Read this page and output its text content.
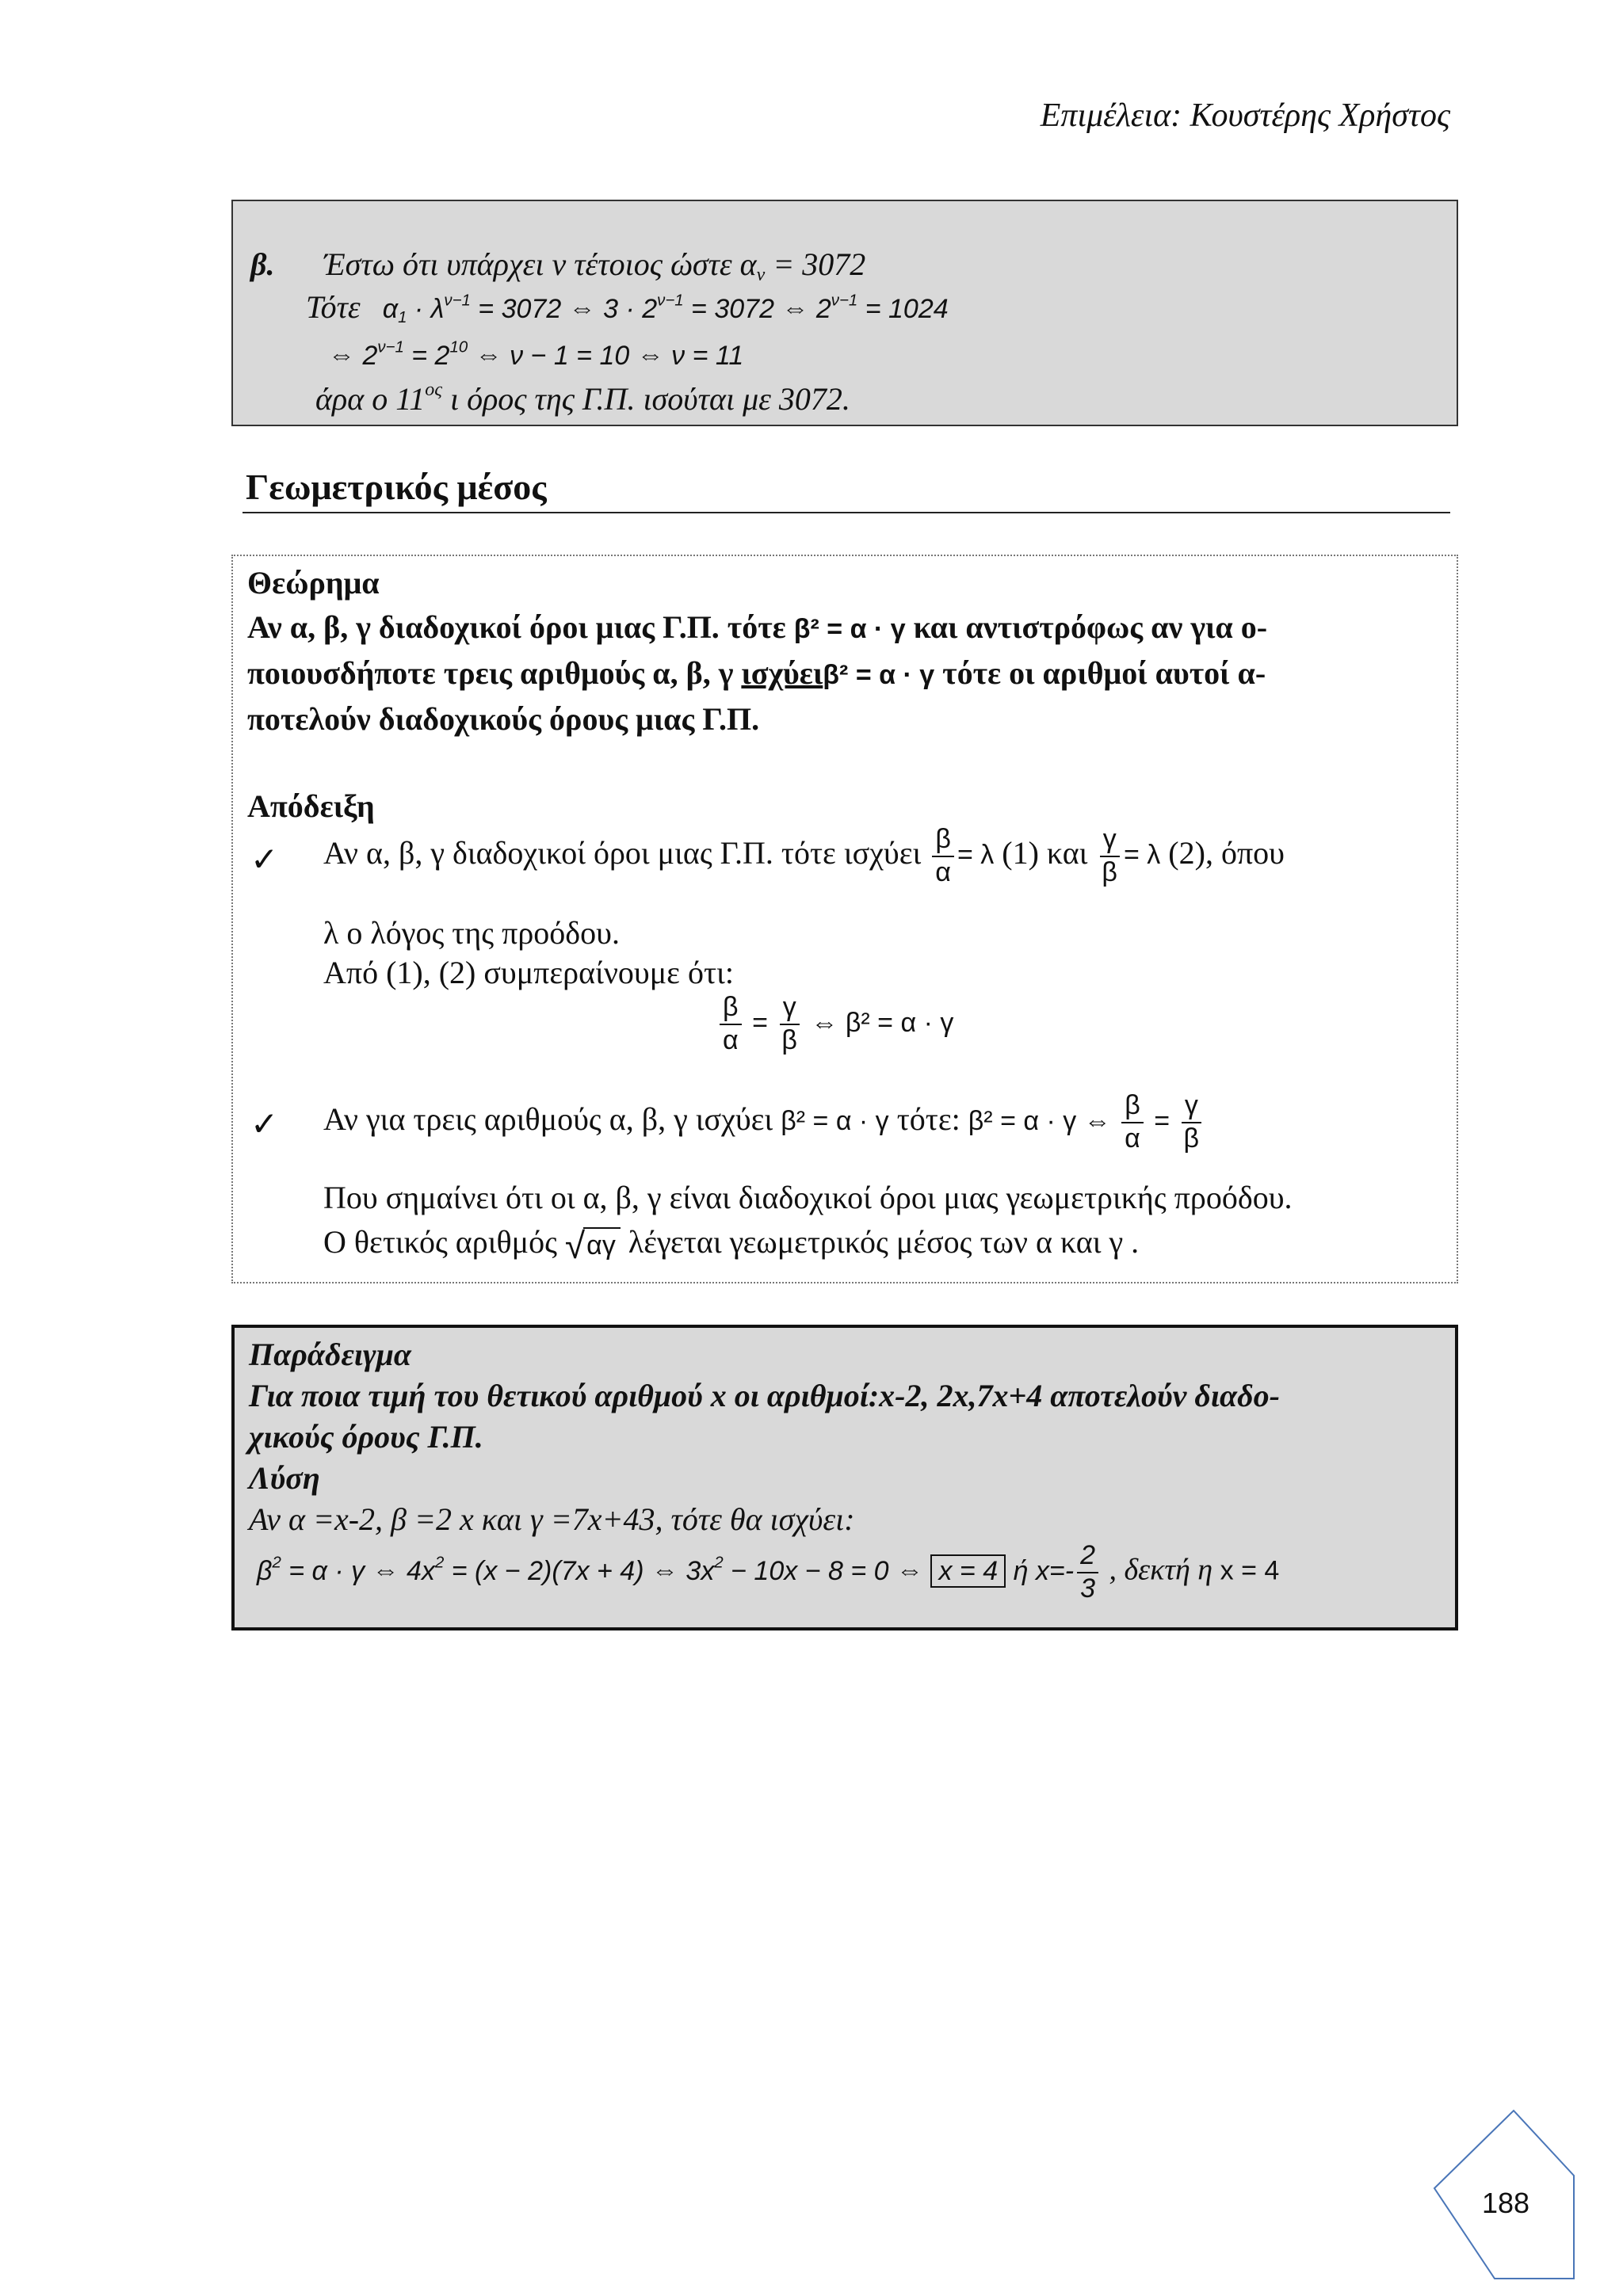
Επιμέλεια: Κουστέρης Χρήστος
β. Έστω ότι υπάρχει ν τέτοιος ώστε $\alpha_\nu = 3072$
Τότε $\alpha_1 \cdot \lambda^{\nu-1} = 3072$ ⇔ $3 \cdot 2^{\nu-1} = 3072$ ⇔ $2^{\nu-1} = 1024$
⇔ $2^{\nu-1} = 2^{10}$ ⇔ ν − 1 = 10 ⇔ ν = 11
άρα ο $11^{o\varsigma}$ ι όρος της Γ.Π. ισούται με 3072.
Γεωμετρικός μέσος
Θεώρημα
Αν α, β, γ διαδοχικοί όροι μιας Γ.Π. τότε β² = α · γ και αντιστρόφως αν για ο-
ποιουσδήποτε τρεις αριθμούς α, β, γ ισχύειβ² = α · γ τότε οι αριθμοί αυτοί α-
ποτελούν διαδοχικούς όρους μιας Γ.Π.
Απόδειξη
✓ Αν α, β, γ διαδοχικοί όροι μιας Γ.Π. τότε ισχύει $\frac{\beta}{\alpha} = \lambda$ (1) και $\frac{\gamma}{\beta} = \lambda$ (2), όπου
λ ο λόγος της προόδου.
Από (1), (2) συμπεραίνουμε ότι:
$\frac{\beta}{\alpha} = \frac{\gamma}{\beta}$ ⇔ β² = α · γ
✓ Αν για τρεις αριθμούς α, β, γ ισχύει β² = α · γ τότε: β² = α · γ ⇔ $\frac{\beta}{\alpha} = \frac{\gamma}{\beta}$
Που σημαίνει ότι οι α, β, γ είναι διαδοχικοί όροι μιας γεωμετρικής προόδου.
Ο θετικός αριθμός √ αγ λέγεται γεωμετρικός μέσος των α και γ .
Παράδειγμα
Για ποια τιμή του θετικού αριθμού x οι αριθμοί:x-2, 2x,7x+4 αποτελούν διαδο-
χικούς όρους Γ.Π.
Λύση
Αν α =x-2, β =2 x και γ =7x+43, τότε θα ισχύει:
$\beta^2 = \alpha \cdot \gamma$ ⇔ $4x^2 = (x - 2)(7x + 4)$ ⇔ $3x^2 - 10x - 8 = 0$ ⇔ x = 4 ή $x=- \frac{2}{3}$ , δεκτή η x = 4
188
